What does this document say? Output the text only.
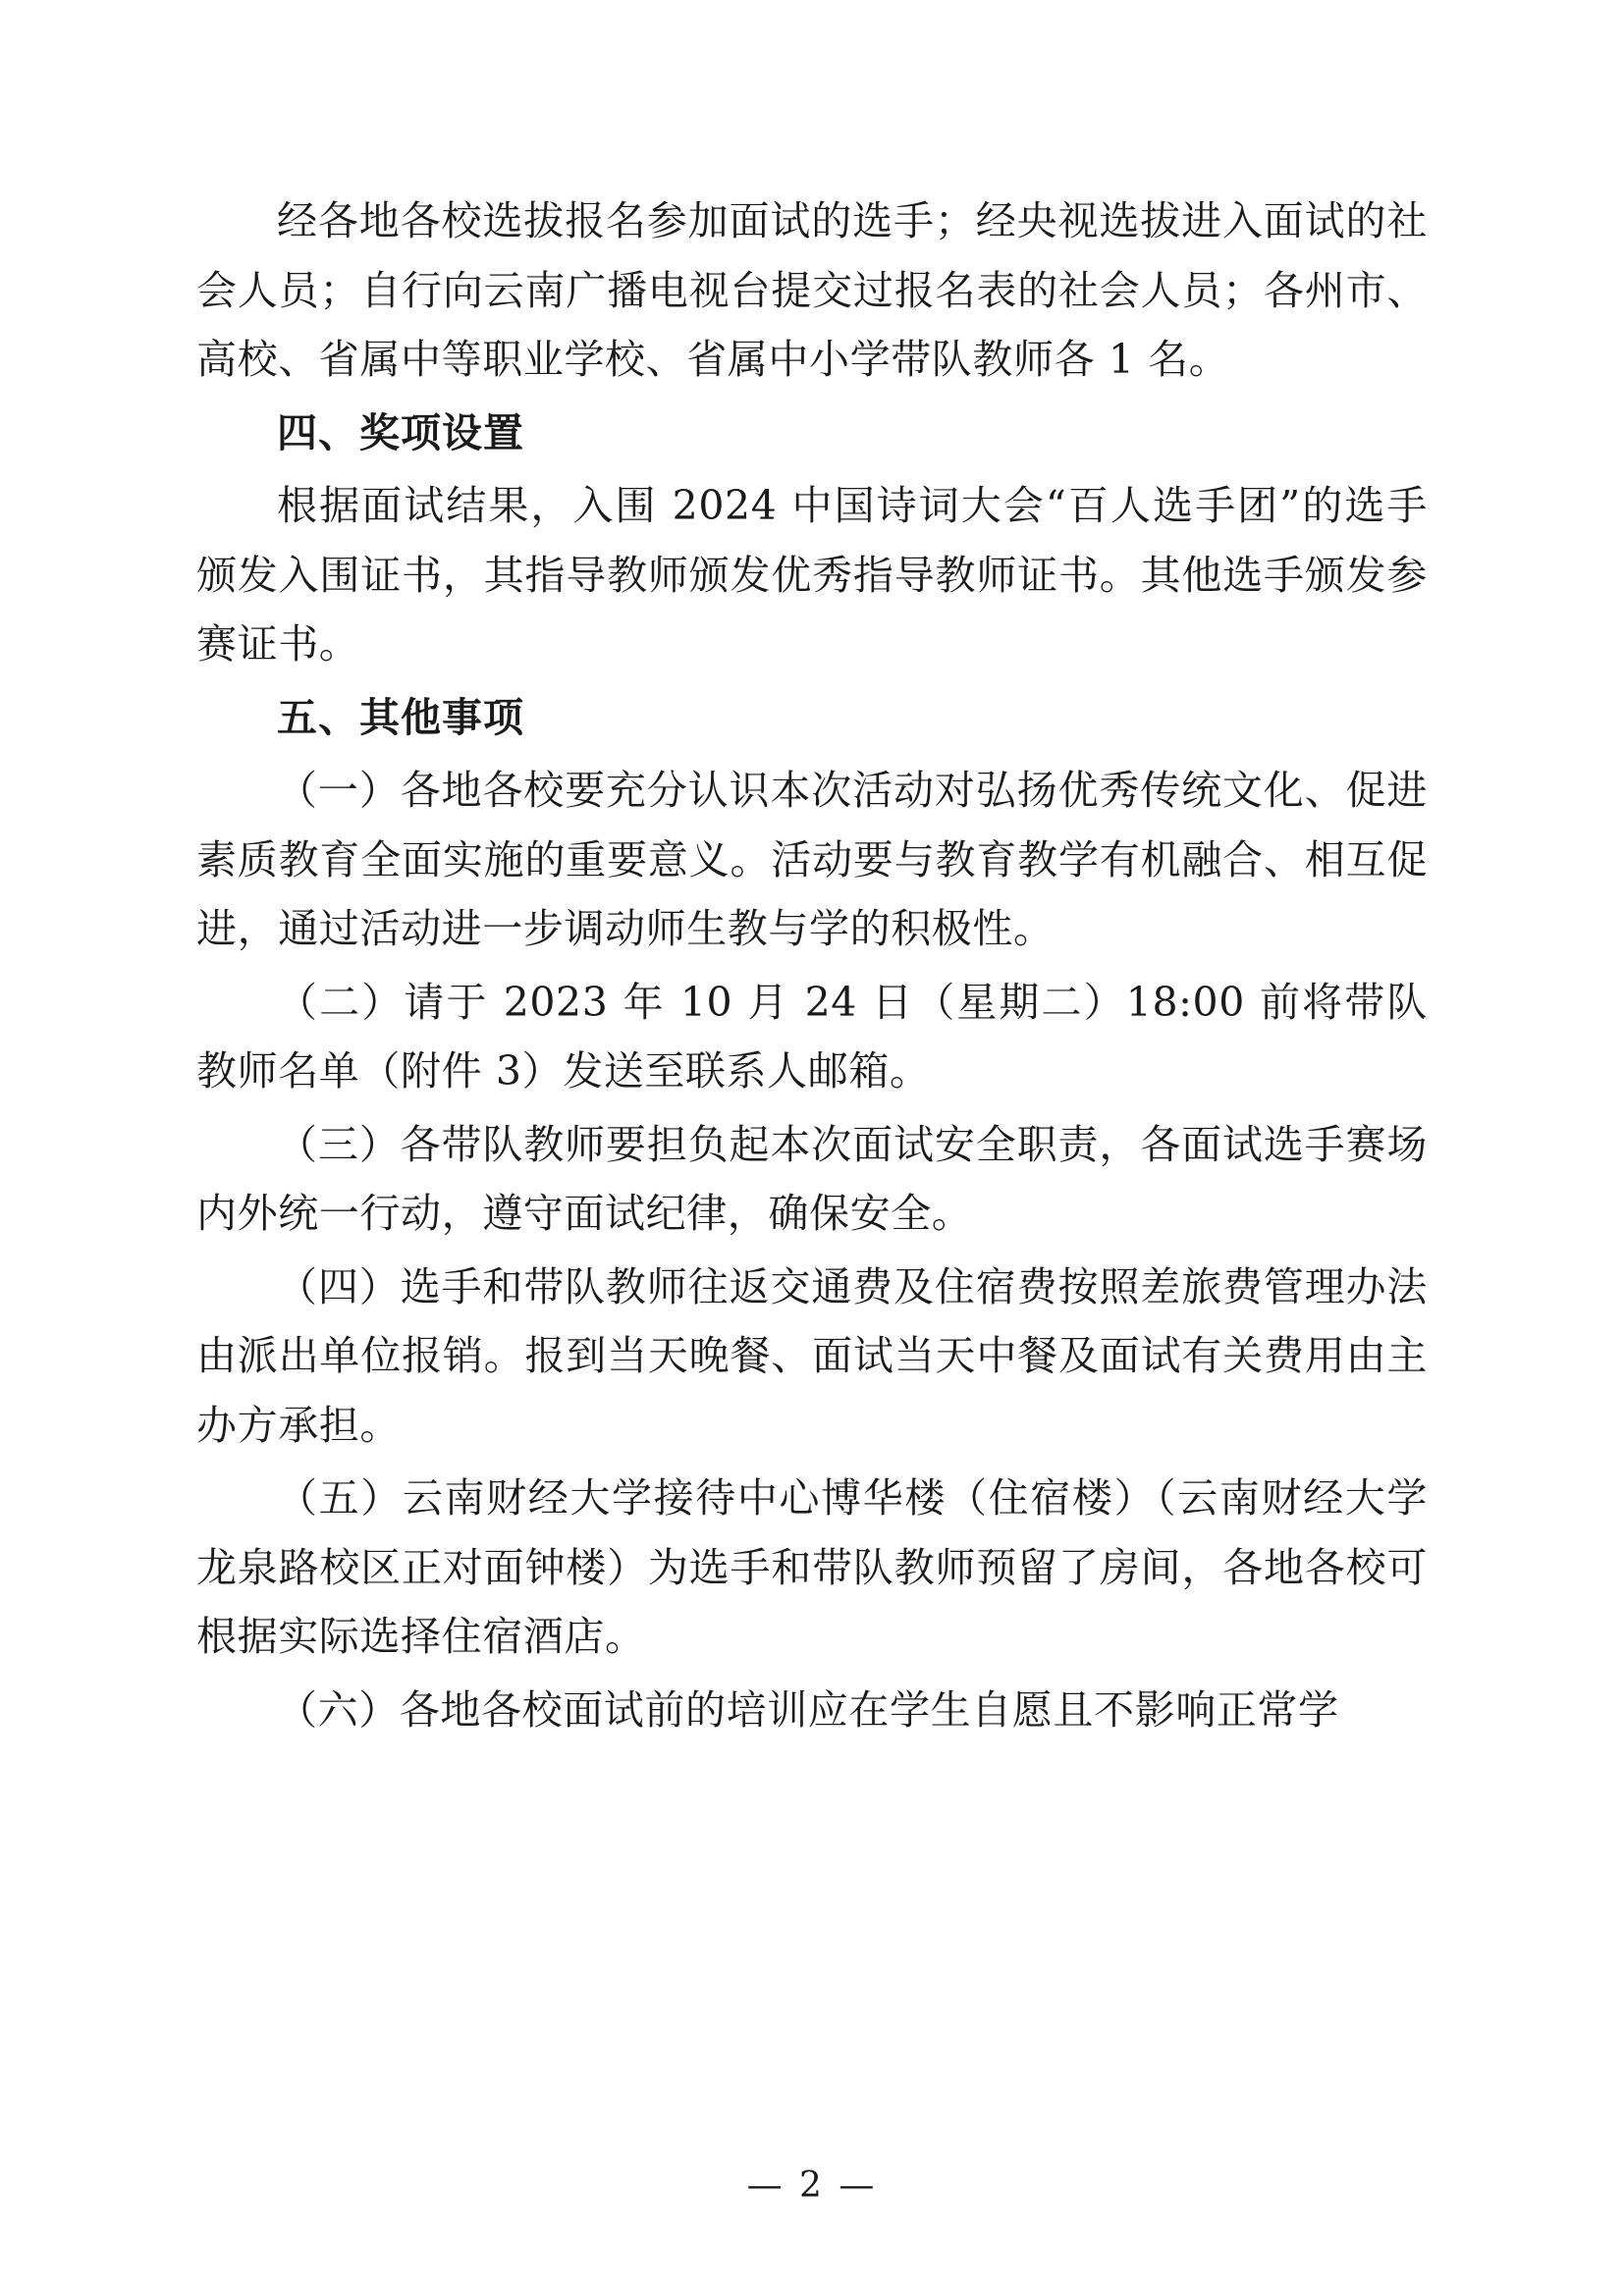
经各地各校选拔报名参加面试的选手；经央视选拔进入面试的社会人员；自行向云南广播电视台提交过报名表的社会人员；各州市、高校、省属中等职业学校、省属中小学带队教师各 1 名。

四、奖项设置

根据面试结果，入围 2024 中国诗词大会“百人选手团”的选手颁发入围证书，其指导教师颁发优秀指导教师证书。其他选手颁发参赛证书。

五、其他事项

（一）各地各校要充分认识本次活动对弘扬优秀传统文化、促进素质教育全面实施的重要意义。活动要与教育教学有机融合、相互促进，通过活动进一步调动师生教与学的积极性。

（二）请于 2023 年 10 月 24 日（星期二）18:00 前将带队教师名单（附件 3）发送至联系人邮箱。

（三）各带队教师要担负起本次面试安全职责，各面试选手赛场内外统一行动，遵守面试纪律，确保安全。

（四）选手和带队教师往返交通费及住宿费按照差旅费管理办法由派出单位报销。报到当天晚餐、面试当天中餐及面试有关费用由主办方承担。

（五）云南财经大学接待中心博华楼（住宿楼）（云南财经大学龙泉路校区正对面钟楼）为选手和带队教师预留了房间，各地各校可根据实际选择住宿酒店。

（六）各地各校面试前的培训应在学生自愿且不影响正常学

— 2 —
